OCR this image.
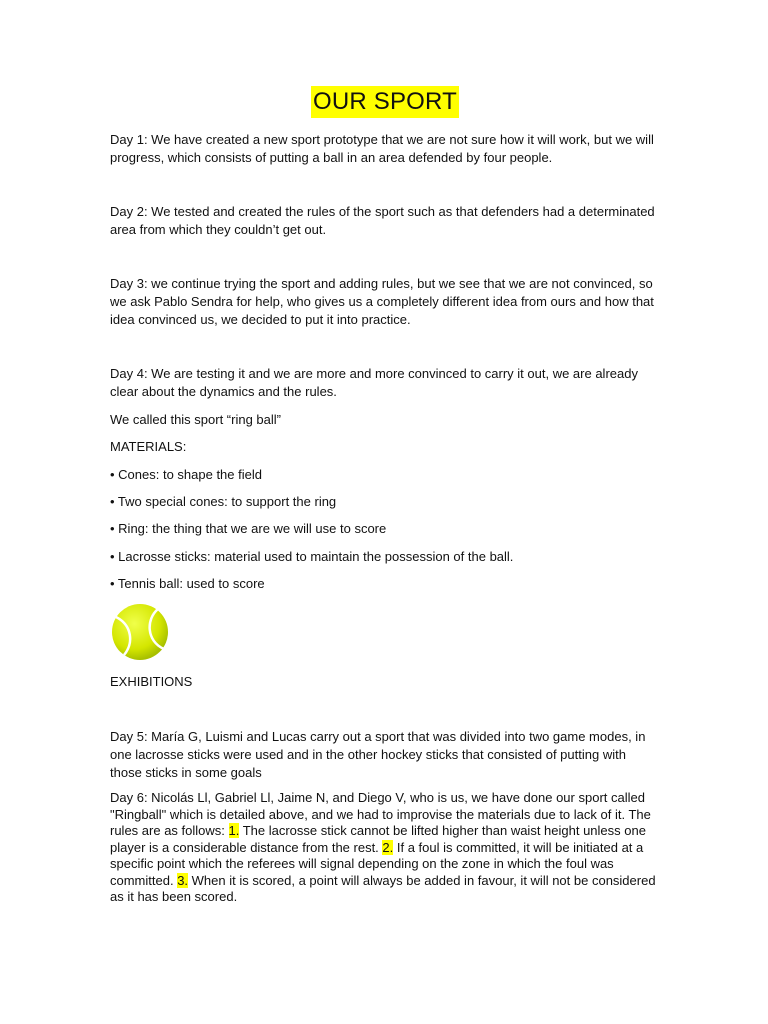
OUR SPORT

Day 1: We have created a new sport prototype that we are not sure how it will work, but we will progress, which consists of putting a ball in an area defended by four people.

Day 2: We tested and created the rules of the sport such as that defenders had a determinated area from which they couldn’t get out.

Day 3: we continue trying the sport and adding rules, but we see that we are not convinced, so we ask Pablo Sendra for help, who gives us a completely different idea from ours and how that idea convinced us, we decided to put it into practice.

Day 4: We are testing it and we are more and more convinced to carry it out, we are already clear about the dynamics and the rules.

We called this sport “ring ball”

MATERIALS:

• Cones: to shape the field

• Two special cones: to support the ring

• Ring: the thing that we are we will use to score

• Lacrosse sticks: material used to maintain the possession of the ball.

• Tennis ball: used to score

EXHIBITIONS

Day 5: María G, Luismi and Lucas carry out a sport that was divided into two game modes, in one lacrosse sticks were used and in the other hockey sticks that consisted of putting with those sticks in some goals

Day 6: Nicolás Ll, Gabriel Ll, Jaime N, and Diego V, who is us, we have done our sport called "Ringball" which is detailed above, and we had to improvise the materials due to lack of it. The rules are as follows: 1. The lacrosse stick cannot be lifted higher than waist height unless one player is a considerable distance from the rest. 2. If a foul is committed, it will be initiated at a specific point which the referees will signal depending on the zone in which the foul was committed. 3. When it is scored, a point will always be added in favour, it will not be considered as it has been scored.
